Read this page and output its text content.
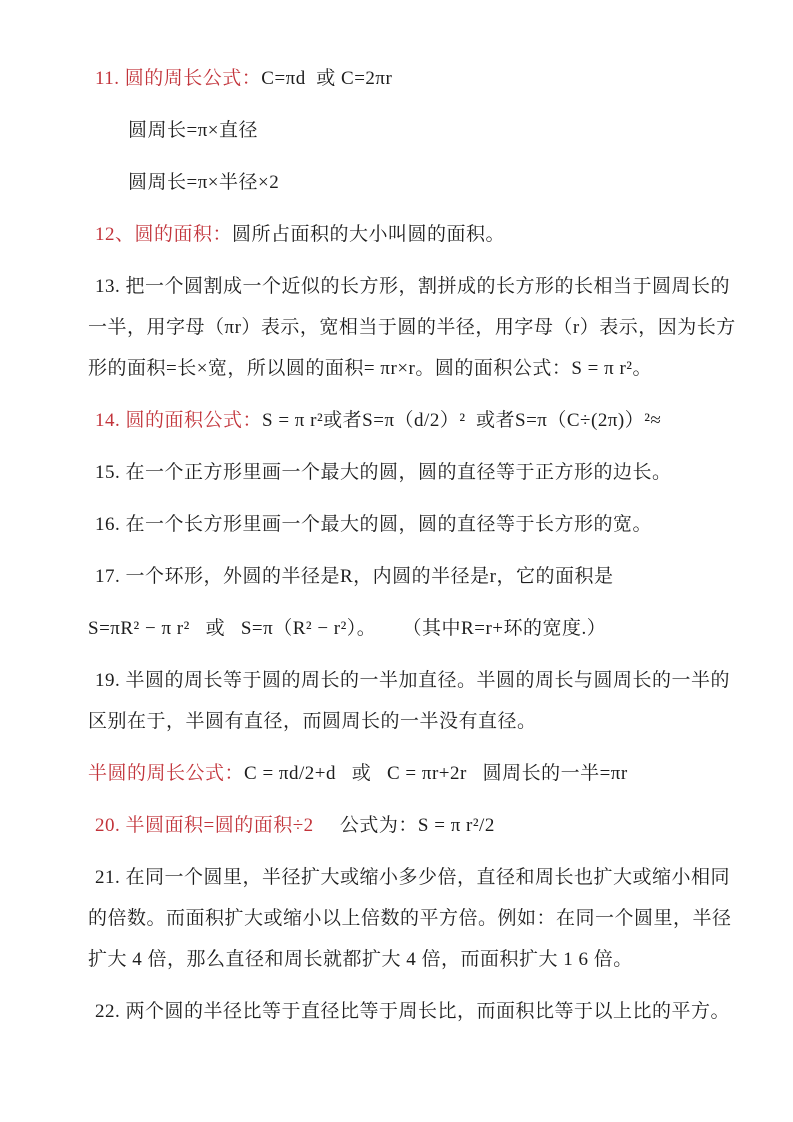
11. 圆的周长公式：C=πd  或 C=2πr

圆周长=π×直径

圆周长=π×半径×2

12、圆的面积：圆所占面积的大小叫圆的面积。

13. 把一个圆割成一个近似的长方形，割拼成的长方形的长相当于圆周长的一半，用字母（πr）表示，宽相当于圆的半径，用字母（r）表示，因为长方形的面积=长×宽，所以圆的面积= πr×r。圆的面积公式：S = π r²。

14. 圆的面积公式：S = π r²或者S=π（d/2）²  或者S=π（C÷(2π)）²≈

15. 在一个正方形里画一个最大的圆，圆的直径等于正方形的边长。

16. 在一个长方形里画一个最大的圆，圆的直径等于长方形的宽。

17. 一个环形，外圆的半径是R，内圆的半径是r，它的面积是

S=πR² − π r²   或   S=π（R² − r²）。     （其中R=r+环的宽度.）

19. 半圆的周长等于圆的周长的一半加直径。半圆的周长与圆周长的一半的区别在于，半圆有直径，而圆周长的一半没有直径。

半圆的周长公式：C = πd/2+d   或   C = πr+2r   圆周长的一半=πr

20. 半圆面积=圆的面积÷2     公式为：S = π r²/2

21. 在同一个圆里，半径扩大或缩小多少倍，直径和周长也扩大或缩小相同的倍数。而面积扩大或缩小以上倍数的平方倍。例如：在同一个圆里，半径扩大 4 倍，那么直径和周长就都扩大 4 倍，而面积扩大 1 6 倍。

22. 两个圆的半径比等于直径比等于周长比，而面积比等于以上比的平方。
